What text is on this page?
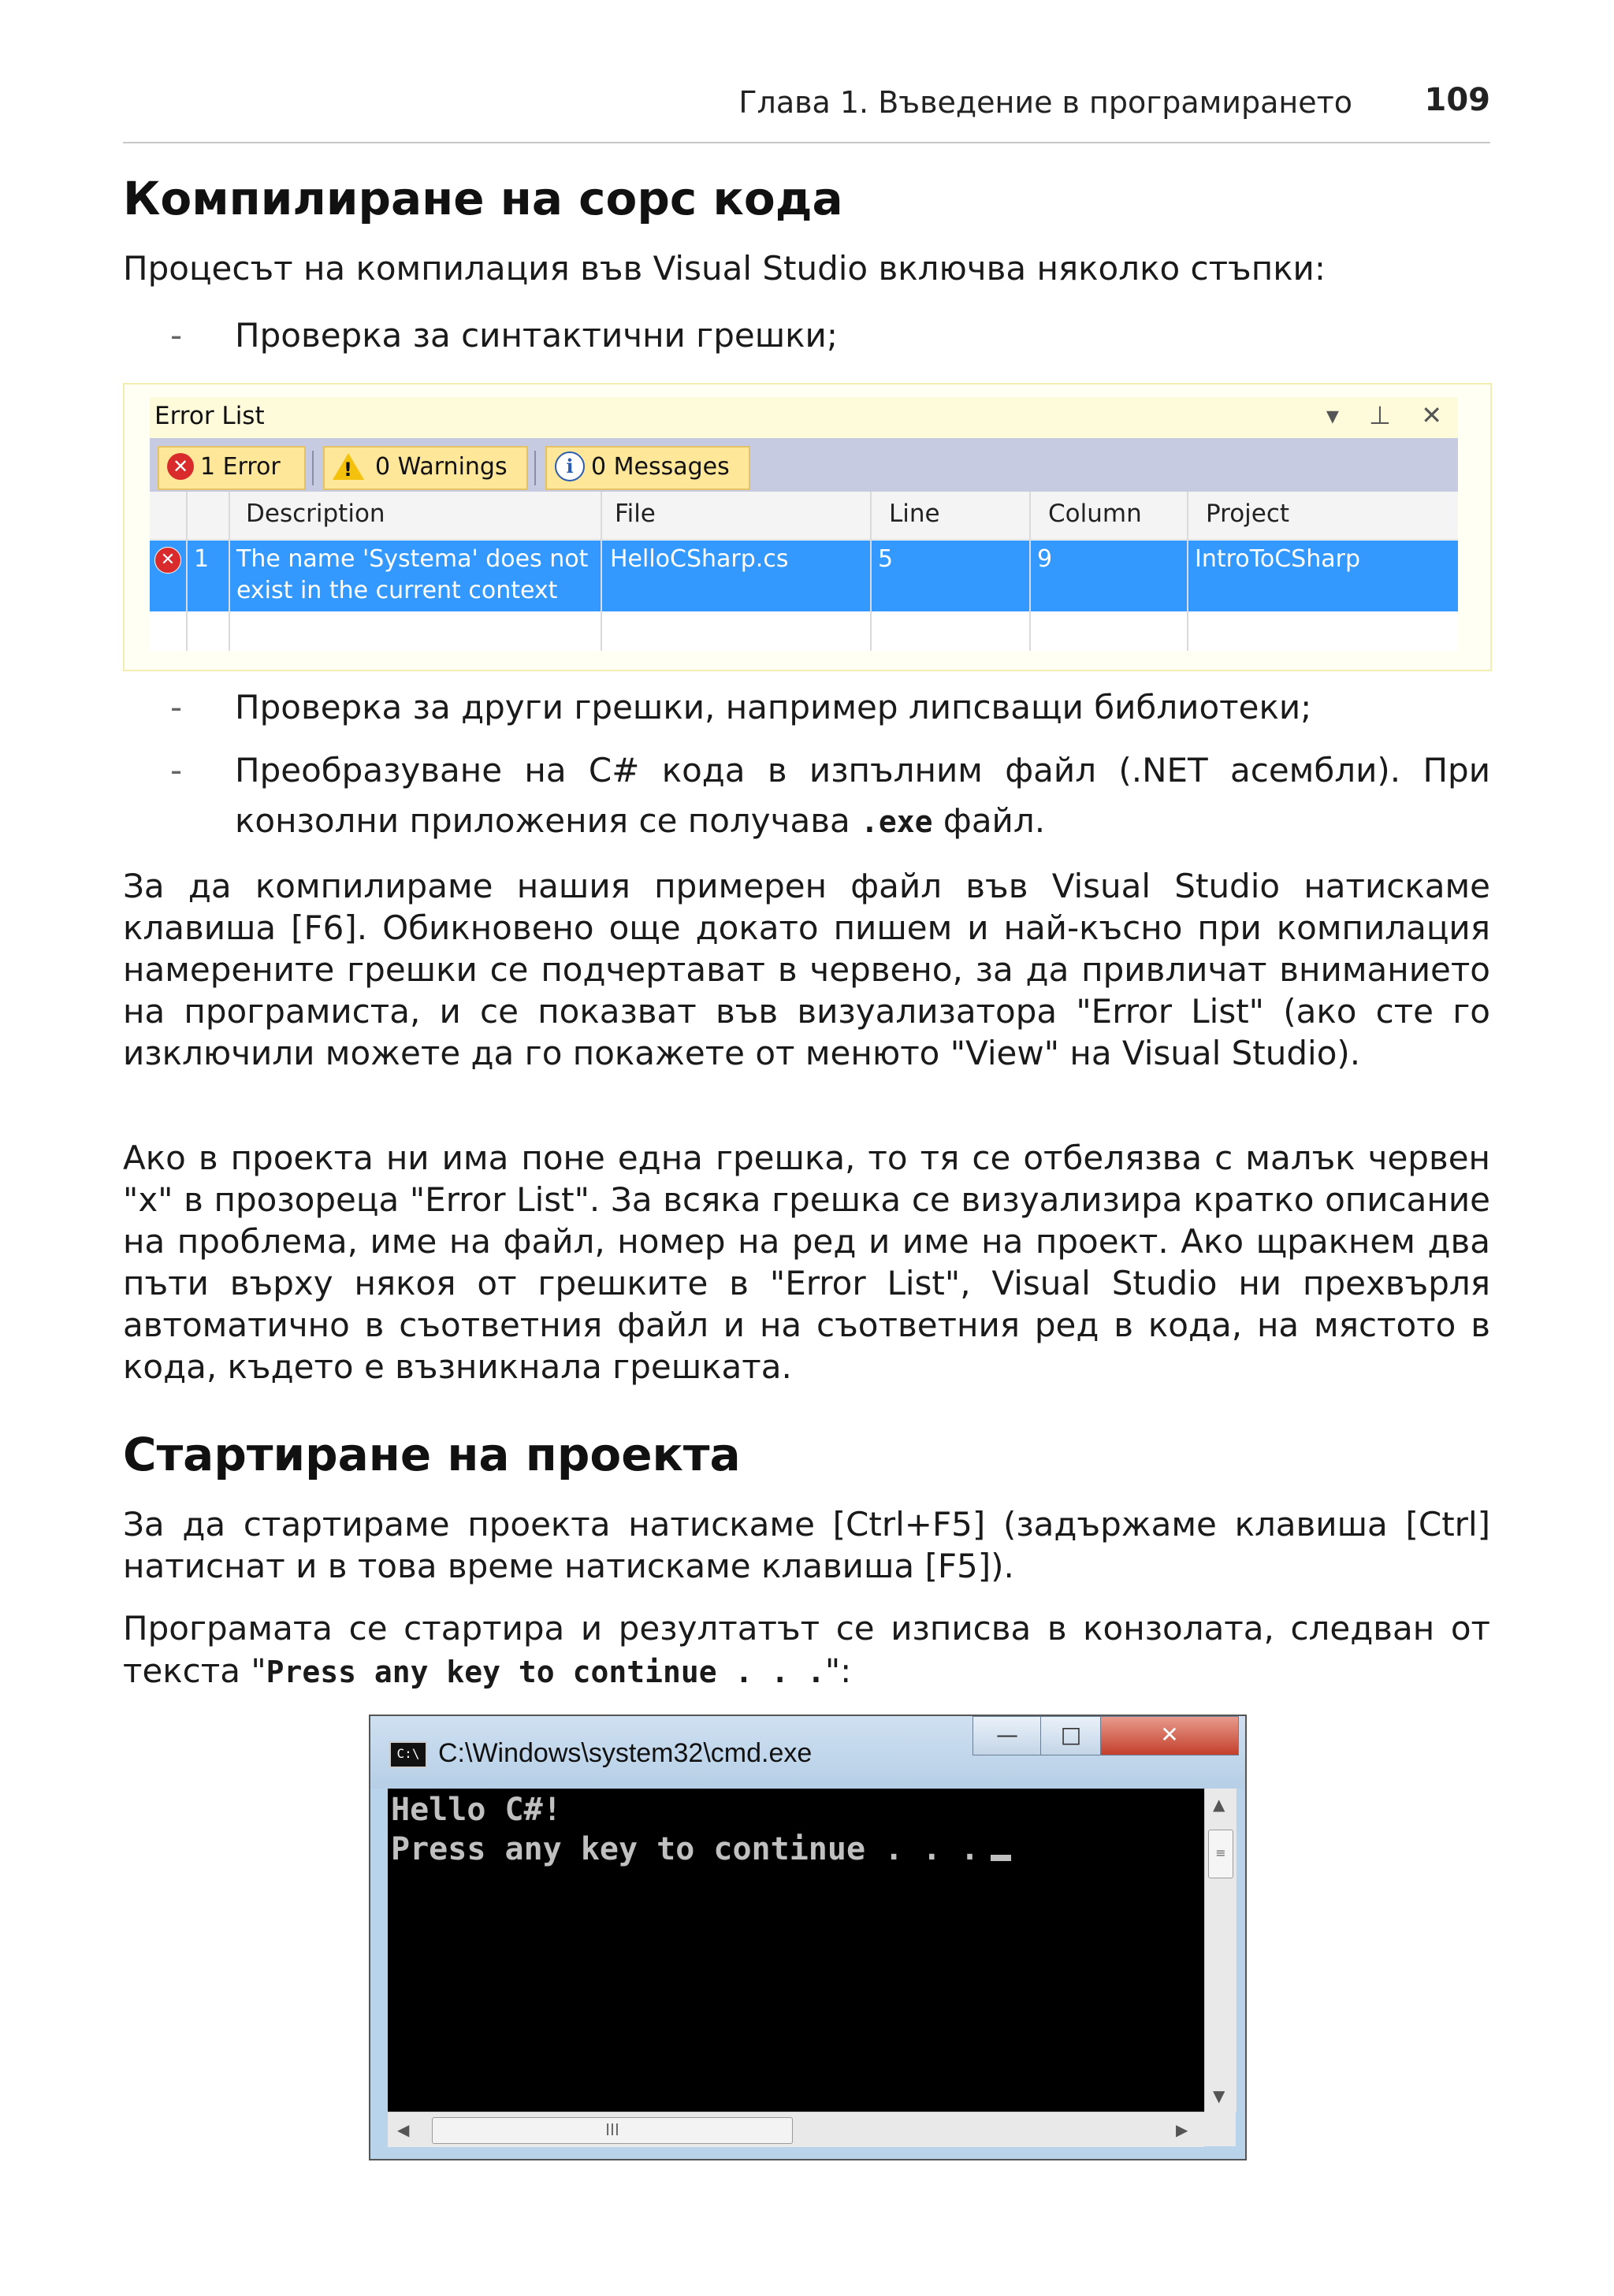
Глава 1. Въведение в програмирането 109
Компилиране на сорс кода

Процесът на компилация във Visual Studio включва няколко стъпки:

- Проверка за синтактични грешки;
Error List	▾ ⊥ ✕
✕ 1 Error	! 0 Warnings	i 0 Messages
Description	File	Line	Column	Project
✕ 1 The name 'Systema' does not
exist in the current context
HelloCSharp.cs	5	9	IntroToCSharp
- Проверка за други грешки, например липсващи библиотеки;
- Преобразуване на C# кода в изпълним файл (.NET асембли). При конзолни приложения се получава .exe файл.

За да компилираме нашия примерен файл във Visual Studio натискаме клавиша [F6]. Обикновено още докато пишем и най-късно при компилация намерените грешки се подчертават в червено, за да привличат вниманието на програмиста, и се показват във визуализатора "Error List" (ако сте го изключили можете да го покажете от менюто "View" на Visual Studio).

Ако в проекта ни има поне една грешка, то тя се отбелязва с малък червен "x" в прозореца "Error List". За всяка грешка се визуализира кратко описание на проблема, име на файл, номер на ред и име на проект. Ако щракнем два пъти върху някоя от грешките в "Error List", Visual Studio ни прехвърля автоматично в съответния файл и на съответния ред в кода, на мястото в кода, където е възникнала грешката.

Стартиране на проекта

За да стартираме проекта натискаме [Ctrl+F5] (задържаме клавиша [Ctrl] натиснат и в това време натискаме клавиша [F5]).

Програмата се стартира и резултатът се изписва в конзолата, следван от

текста "Press any key to continue . . .":

C:\ C:\Windows\system32\cmd.exe
—	□	✕
Hello C#!
Press any key to continue . . .
▲
≡
▼
◀	III	▶
